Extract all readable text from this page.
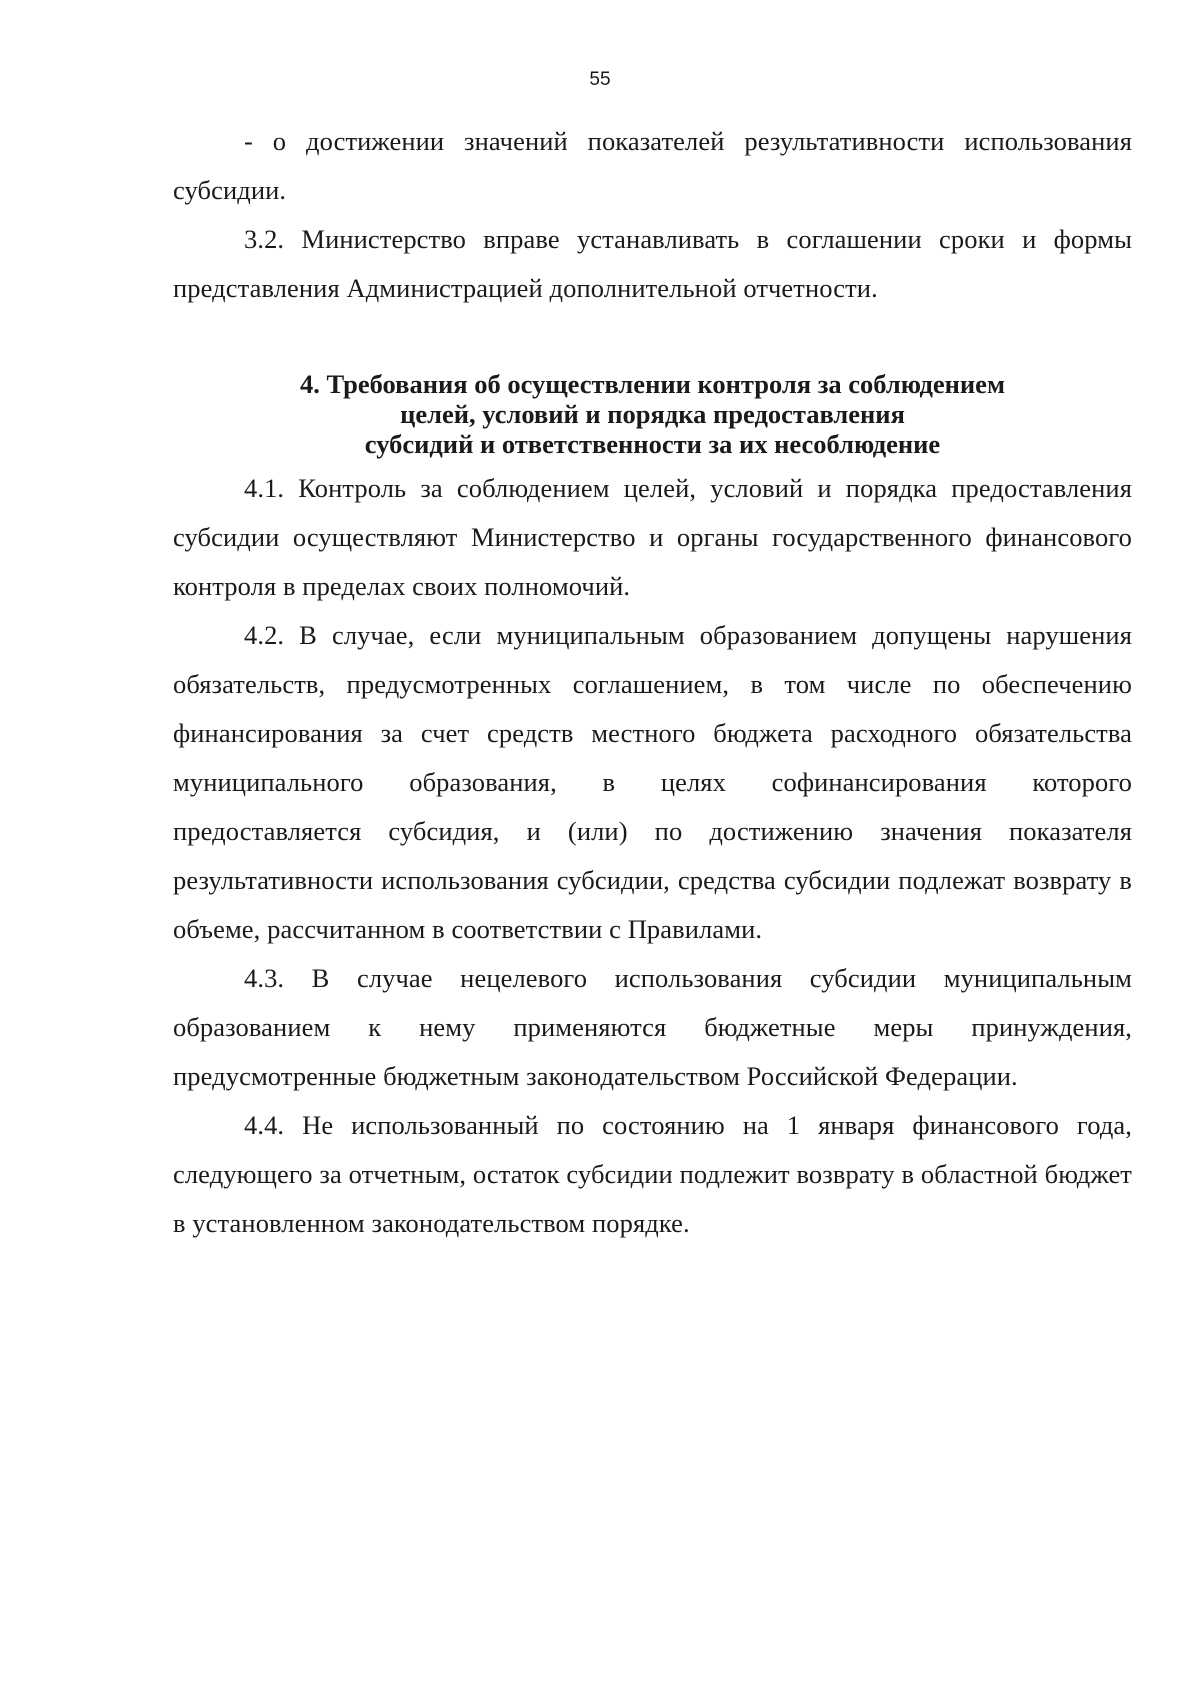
55

- о достижении значений показателей результативности использования субсидии.

3.2. Министерство вправе устанавливать в соглашении сроки и формы представления Администрацией дополнительной отчетности.

4. Требования об осуществлении контроля за соблюдением
целей, условий и порядка предоставления
субсидий и ответственности за их несоблюдение

4.1. Контроль за соблюдением целей, условий и порядка предоставления субсидии осуществляют Министерство и органы государственного финансового контроля в пределах своих полномочий.

4.2. В случае, если муниципальным образованием допущены нарушения обязательств, предусмотренных соглашением, в том числе по обеспечению финансирования за счет средств местного бюджета расходного обязательства муниципального образования, в целях софинансирования которого предоставляется субсидия, и (или) по достижению значения показателя результативности использования субсидии, средства субсидии подлежат возврату в объеме, рассчитанном в соответствии с Правилами.

4.3. В случае нецелевого использования субсидии муниципальным образованием к нему применяются бюджетные меры принуждения, предусмотренные бюджетным законодательством Российской Федерации.

4.4. Не использованный по состоянию на 1 января финансового года, следующего за отчетным, остаток субсидии подлежит возврату в областной бюджет в установленном законодательством порядке.
